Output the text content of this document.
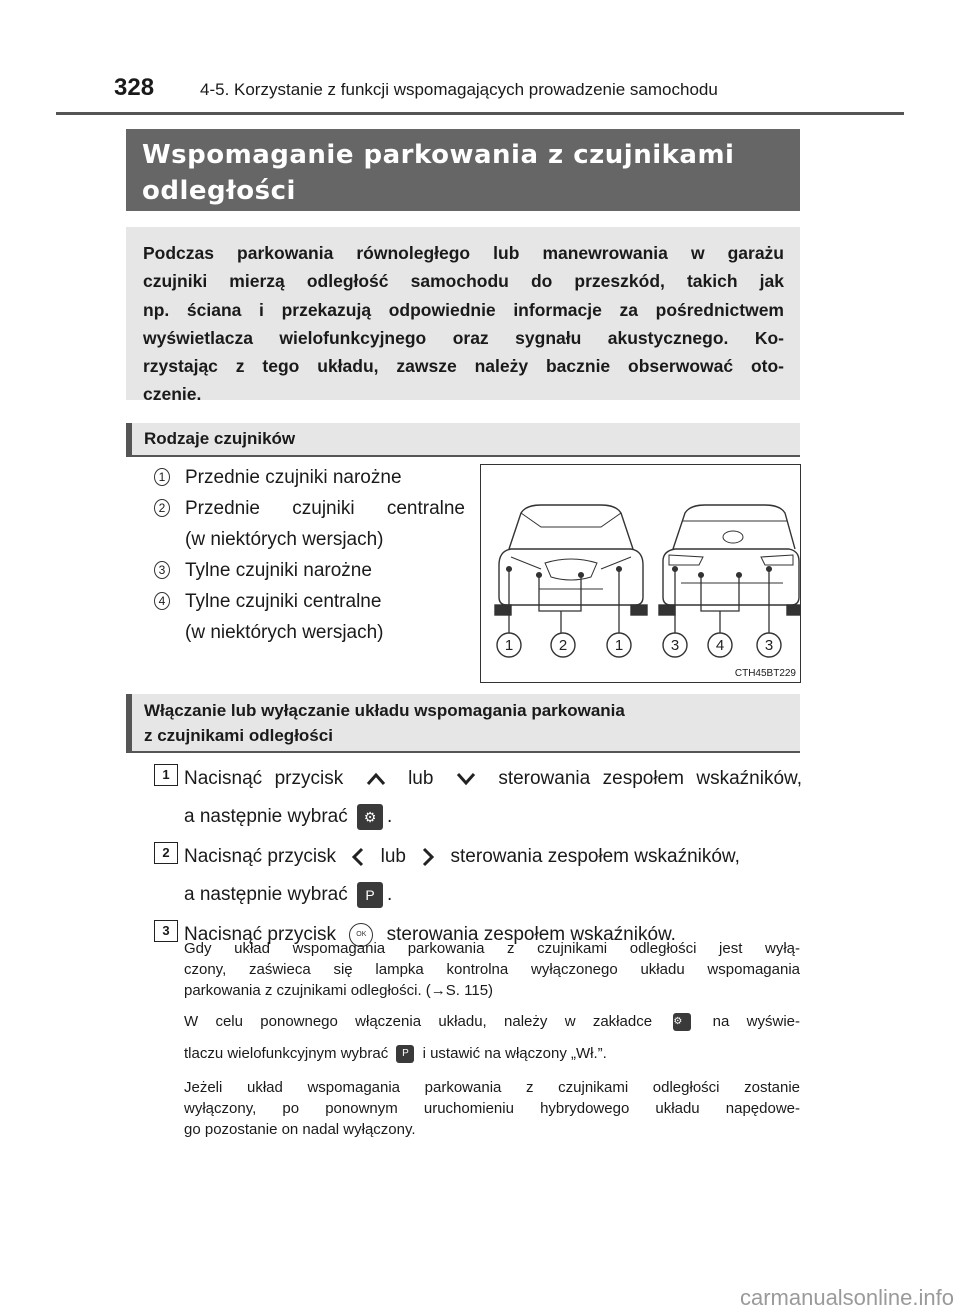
328	4-5. Korzystanie z funkcji wspomagających prowadzenie samochodu
Wspomaganie parkowania z czujnikami
odległości
Podczas parkowania równoległego lub manewrowania w garażu
czujniki mierzą odległość samochodu do przeszkód, takich jak
np. ściana i przekazują odpowiednie informacje za pośrednictwem
wyświetlacza wielofunkcyjnego oraz sygnału akustycznego. Ko-
rzystając z tego układu, zawsze należy bacznie obserwować oto-
czenie.
Rodzaje czujników
1 Przednie czujniki narożne
2 Przednie czujniki centralne
(w niektórych wersjach)
3 Tylne czujniki narożne
4 Tylne czujniki centralne
(w niektórych wersjach)
1	2	1	3 4	3
CTH45BT229
Włączanie lub wyłączanie układu wspomagania parkowania
z czujnikami odległości
1 Nacisnąć przycisk	lub	sterowania zespołem wskaźników,
a następnie wybrać ⚙ .
2 Nacisnąć przycisk lub sterowania zespołem wskaźników,
a następnie wybrać P .
3 Nacisnąć przycisk	OK sterowania zespołem wskaźników.
Gdy układ wspomagania parkowania z czujnikami odległości jest wyłą-
czony, zaświeca się lampka kontrolna wyłączonego układu wspomagania
parkowania z czujnikami odległości. (→S. 115)
W celu ponownego włączenia układu, należy w zakładce ⚙ na wyświe-
tlaczu wielofunkcyjnym wybrać P i ustawić na włączony „Wł.”.
Jeżeli układ wspomagania parkowania z czujnikami odległości zostanie
wyłączony, po ponownym uruchomieniu hybrydowego układu napędowe-
go pozostanie on nadal wyłączony.
carmanualsonline.info
